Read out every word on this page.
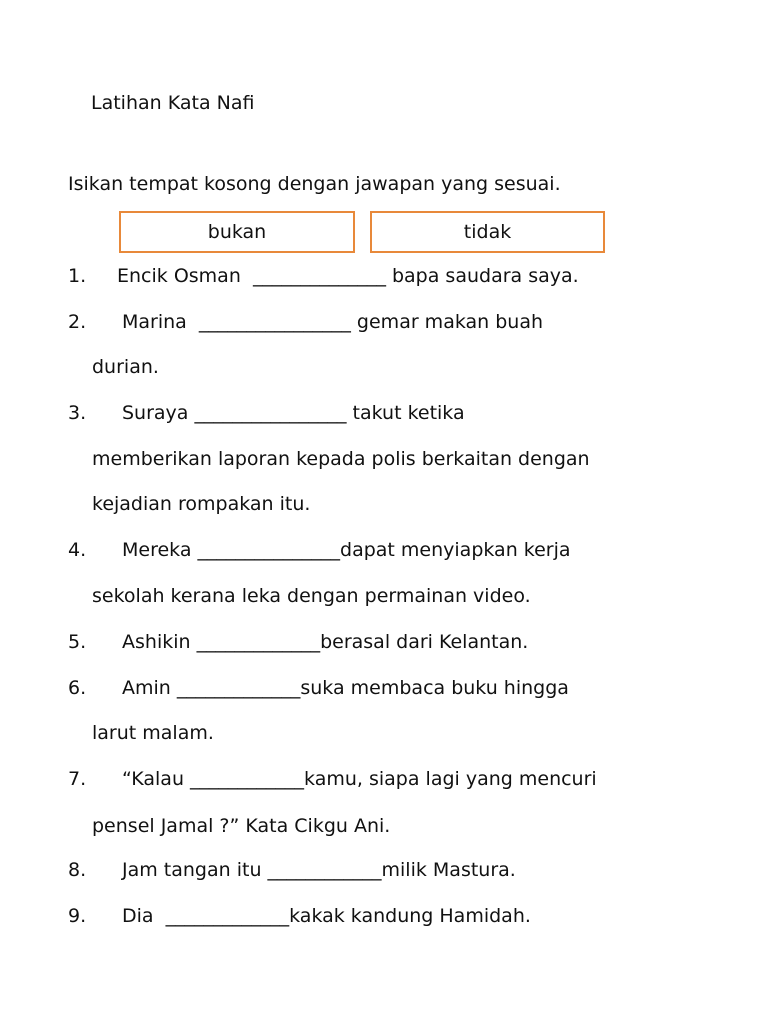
Latihan Kata Nafi
Isikan tempat kosong dengan jawapan yang sesuai.
bukan	tidak
1. Encik Osman  ______________ bapa saudara saya.
2. Marina  ________________ gemar makan buah
durian.
3. Suraya ________________ takut ketika
memberikan laporan kepada polis berkaitan dengan
kejadian rompakan itu.
4. Mereka _______________dapat menyiapkan kerja
sekolah kerana leka dengan permainan video.
5. Ashikin _____________berasal dari Kelantan.
6. Amin _____________suka membaca buku hingga
larut malam.
7. “Kalau ____________kamu, siapa lagi yang mencuri
pensel Jamal ?” Kata Cikgu Ani.
8. Jam tangan itu ____________milik Mastura.
9. Dia  _____________kakak kandung Hamidah.
